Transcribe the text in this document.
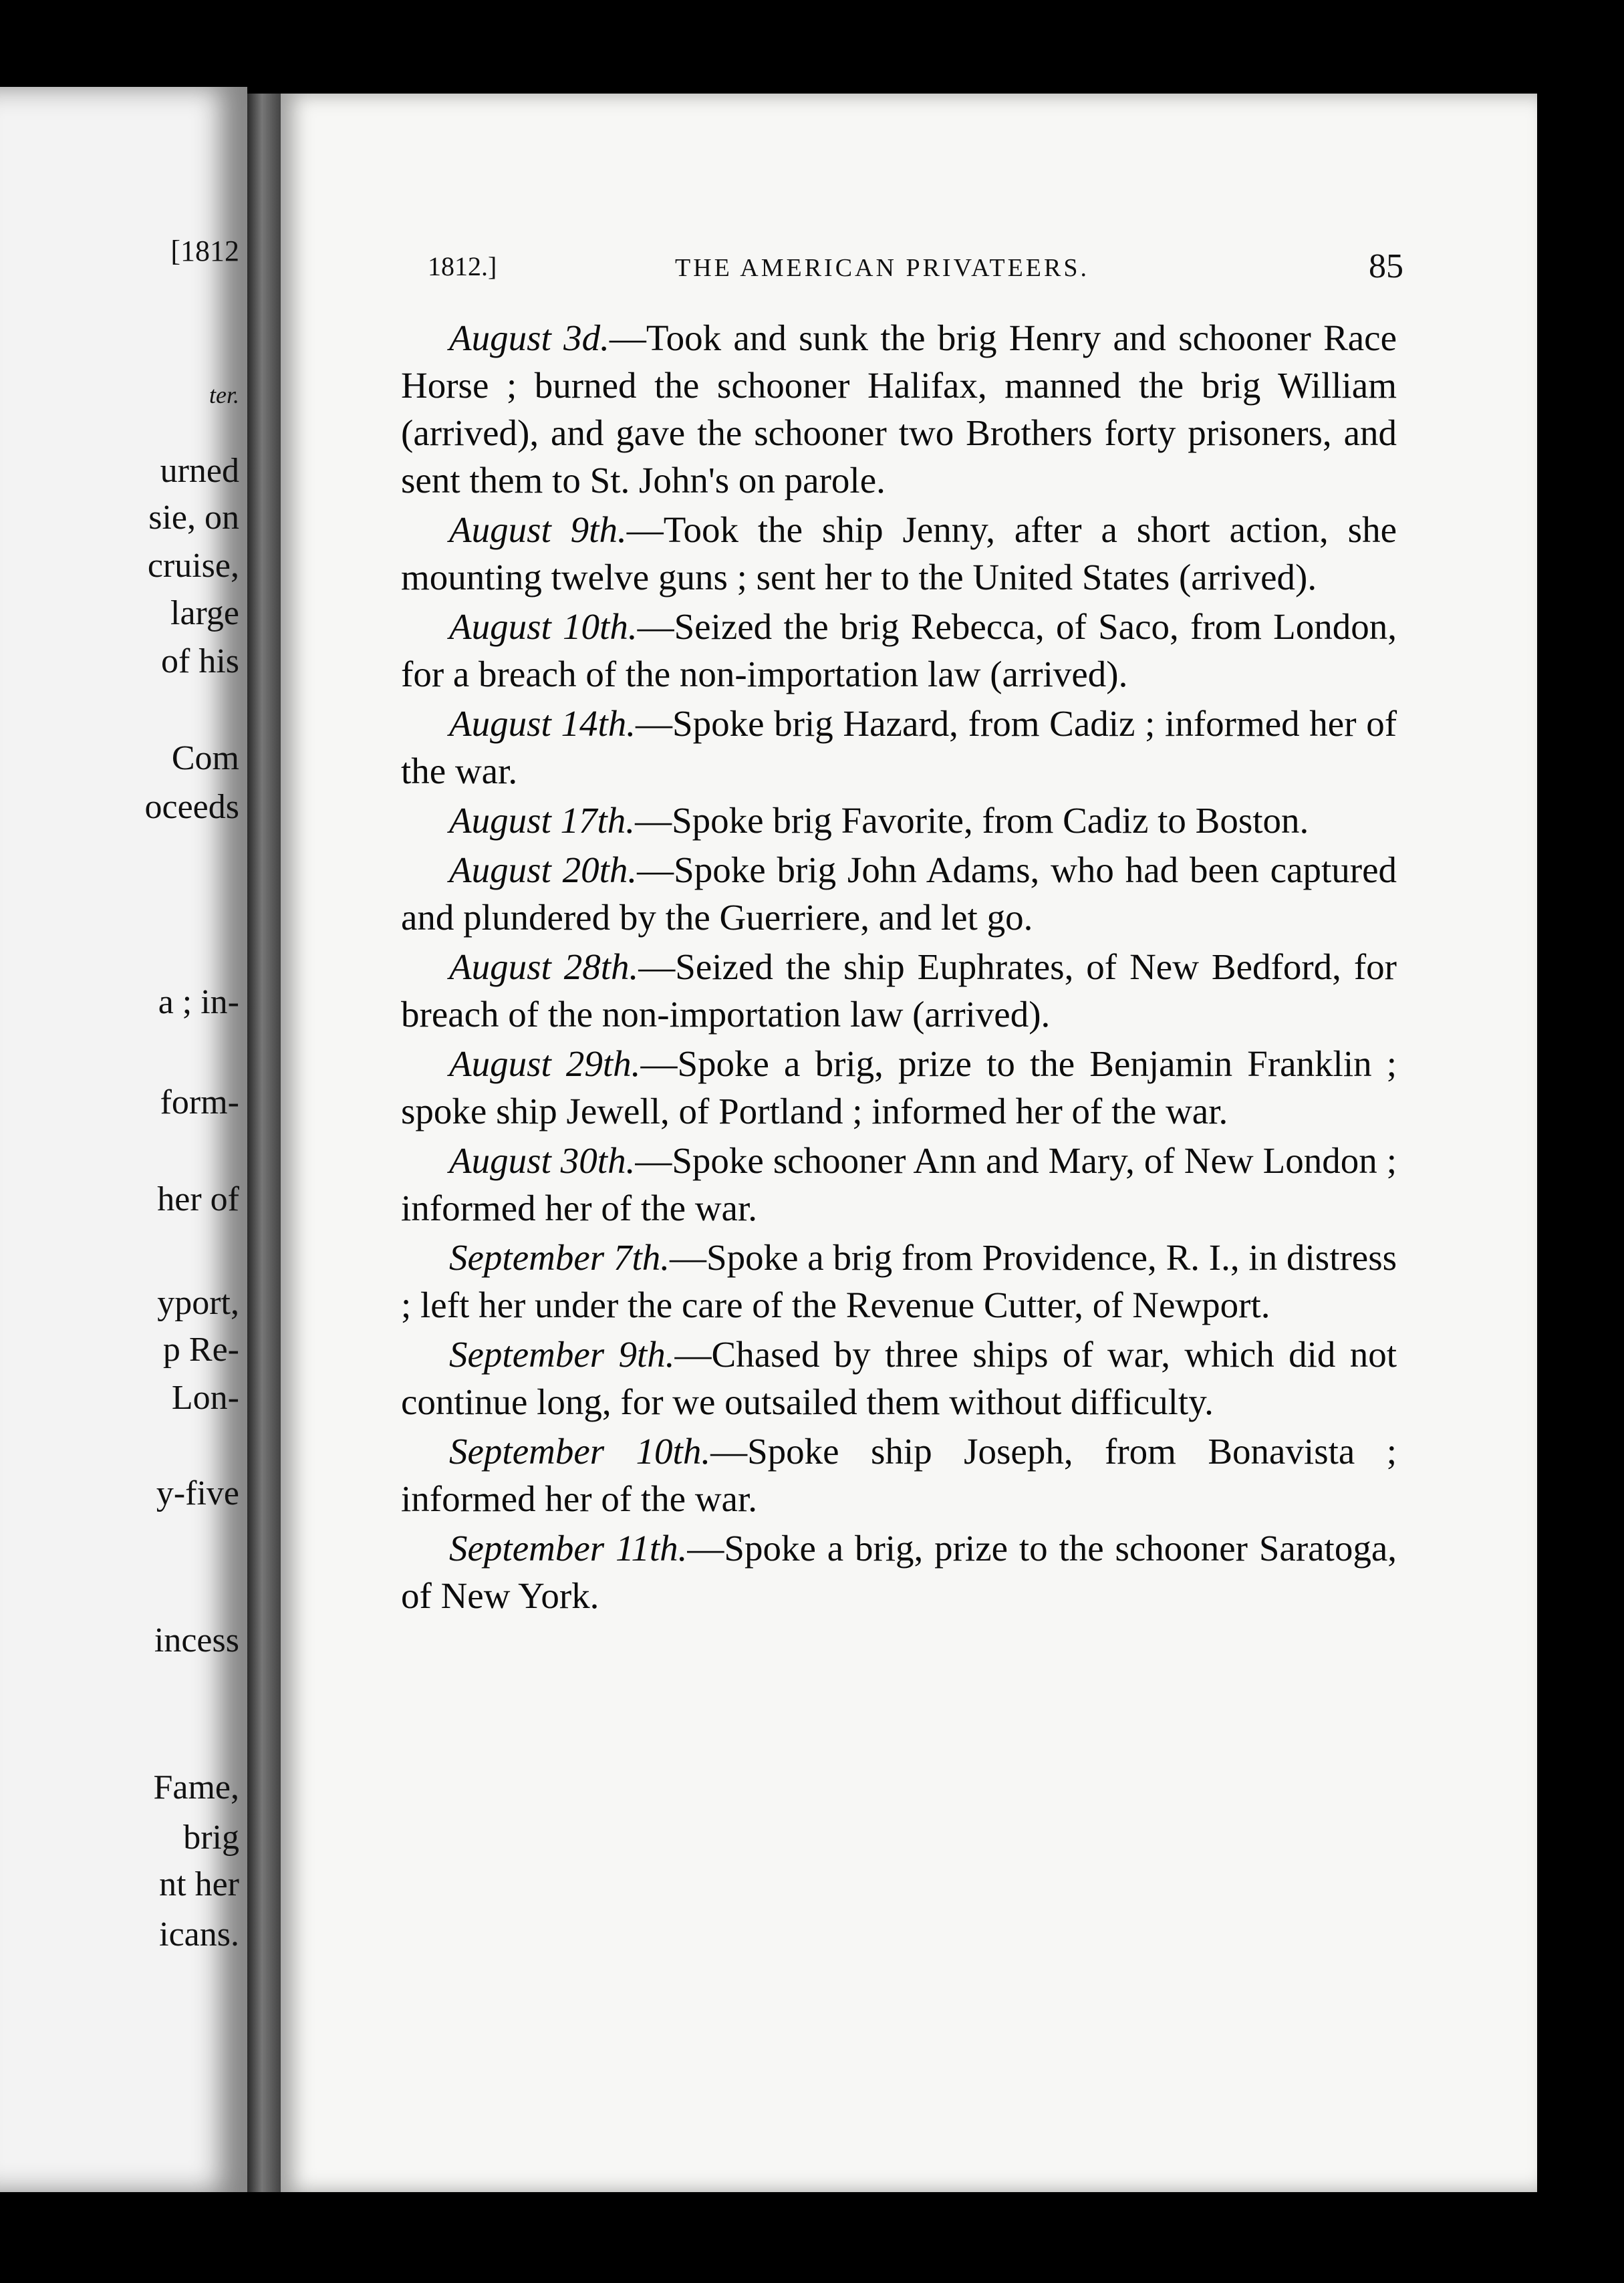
[1812
ter.
urned
sie, on
cruise,
large
of his
Com
oceeds
a ; in-
form-
her of
yport,
p Re-
Lon-
y-five
incess
Fame,
brig
nt her
icans.
1812.]	THE AMERICAN PRIVATEERS.	85

August 3d.—Took and sunk the brig Henry and schooner Race Horse ; burned the schooner Halifax, manned the brig William (arrived), and gave the schooner two Brothers forty prisoners, and sent them to St. John's on parole.

August 9th.—Took the ship Jenny, after a short action, she mounting twelve guns ; sent her to the United States (arrived).

August 10th.—Seized the brig Rebecca, of Saco, from London, for a breach of the non-importation law (arrived).

August 14th.—Spoke brig Hazard, from Cadiz ; informed her of the war.

August 17th.—Spoke brig Favorite, from Cadiz to Boston.

August 20th.—Spoke brig John Adams, who had been captured and plundered by the Guerriere, and let go.

August 28th.—Seized the ship Euphrates, of New Bedford, for breach of the non-importation law (arrived).

August 29th.—Spoke a brig, prize to the Benjamin Franklin ; spoke ship Jewell, of Portland ; informed her of the war.

August 30th.—Spoke schooner Ann and Mary, of New London ; informed her of the war.

September 7th.—Spoke a brig from Providence, R. I., in distress ; left her under the care of the Revenue Cutter, of Newport.

September 9th.—Chased by three ships of war, which did not continue long, for we outsailed them without difficulty.

September 10th.—Spoke ship Joseph, from Bonavista ; informed her of the war.

September 11th.—Spoke a brig, prize to the schooner Saratoga, of New York.
